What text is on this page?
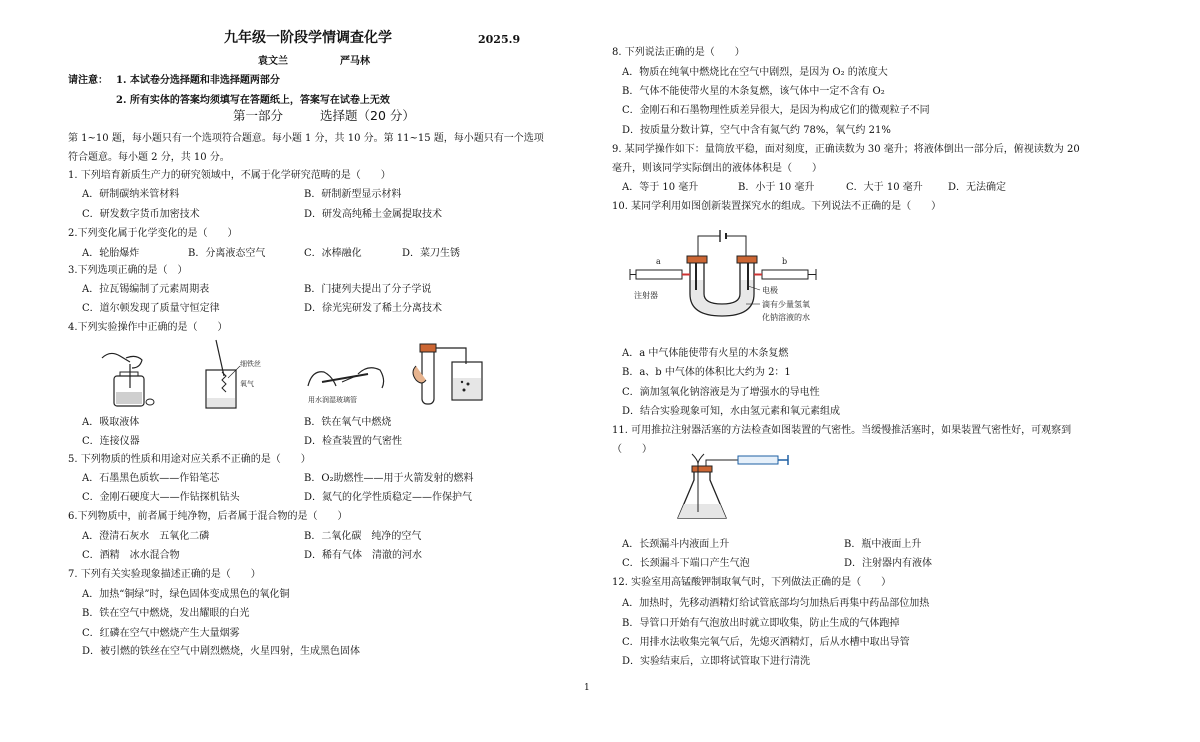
九年级一阶段学情调查化学	2025.9
袁文兰	严马林
请注意： 1. 本试卷分选择题和非选择题两部分
2. 所有实体的答案均须填写在答题纸上，答案写在试卷上无效
第一部分	选择题（20 分）
第 1~10 题，每小题只有一个选项符合题意。每小题 1 分，共 10 分。第 11~15 题，每小题只有一个选项
符合题意。每小题 2 分，共 10 分。
1. 下列培育新质生产力的研究领域中，不属于化学研究范畴的是（　　）
A．研制碳纳米管材料	B．研制新型显示材料
C．研发数字货币加密技术	D．研发高纯稀土金属提取技术
2.下列变化属于化学变化的是（　　）
A．轮胎爆炸	B．分离液态空气	C．冰棒融化	D．菜刀生锈
3.下列选项正确的是（　）
A．拉瓦锡编制了元素周期表	B．门捷列夫提出了分子学说
C．道尔顿发现了质量守恒定律	D．徐光宪研发了稀土分离技术
4.下列实验操作中正确的是（　　）
细铁丝
氧气
用水润湿玻璃管
A．吸取液体	B．铁在氧气中燃烧
C．连接仪器	D．检查装置的气密性
5. 下列物质的性质和用途对应关系不正确的是（　　）
A．石墨黑色质软——作铅笔芯	B．O₂助燃性——用于火箭发射的燃料
C．金刚石硬度大——作钻探机钻头	D．氮气的化学性质稳定——作保护气
6.下列物质中，前者属于纯净物，后者属于混合物的是（　　）
A．澄清石灰水　五氧化二磷	B．二氧化碳　纯净的空气
C．酒精　冰水混合物	D．稀有气体　清澈的河水
7. 下列有关实验现象描述正确的是（　　）
A．加热“铜绿”时，绿色固体变成黑色的氧化铜
B．铁在空气中燃烧，发出耀眼的白光
C．红磷在空气中燃烧产生大量烟雾
D．被引燃的铁丝在空气中剧烈燃烧，火星四射，生成黑色固体
8. 下列说法正确的是（　　）
A．物质在纯氧中燃烧比在空气中剧烈，是因为 O₂ 的浓度大
B．气体不能使带火星的木条复燃，该气体中一定不含有 O₂
C．金刚石和石墨物理性质差异很大，是因为构成它们的微观粒子不同
D．按质量分数计算，空气中含有氮气约 78%，氧气约 21%
9. 某同学操作如下：量筒放平稳，面对刻度，正确读数为 30 毫升；将液体倒出一部分后，俯视读数为 20
毫升，则该同学实际倒出的液体体积是（　　）
A．等于 10 毫升	B．小于 10 毫升	C．大于 10 毫升	D．无法确定
10. 某同学利用如图创新装置探究水的组成。下列说法不正确的是（　　）
a	b
注射器
电极
滴有少量氢氧
化钠溶液的水
A．a 中气体能使带有火星的木条复燃
B．a、b 中气体的体积比大约为 2：1
C．滴加氢氧化钠溶液是为了增强水的导电性
D．结合实验现象可知，水由氢元素和氧元素组成
11. 可用推拉注射器活塞的方法检查如图装置的气密性。当缓慢推活塞时，如果装置气密性好，可观察到
（　　）
A．长颈漏斗内液面上升	B．瓶中液面上升
C．长颈漏斗下端口产生气泡	D．注射器内有液体
12. 实验室用高锰酸钾制取氧气时，下列做法正确的是（　　）
A．加热时，先移动酒精灯给试管底部均匀加热后再集中药品部位加热
B．导管口开始有气泡放出时就立即收集，防止生成的气体跑掉
C．用排水法收集完氧气后，先熄灭酒精灯，后从水槽中取出导管
D．实验结束后，立即将试管取下进行清洗
1
